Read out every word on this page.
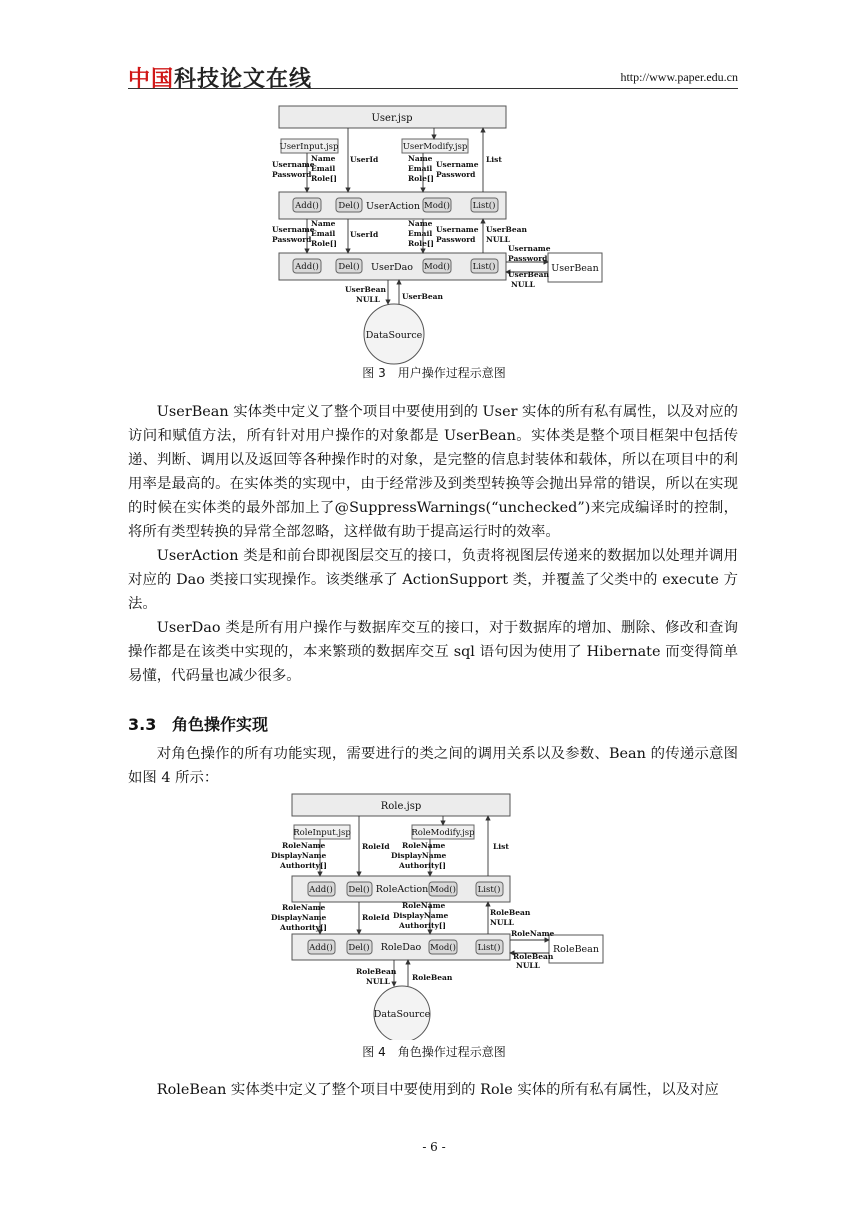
中国科技论文在线	http://www.paper.edu.cn
User.jsp
UserInput.jsp	UserModify.jsp
UserAction
Add() Del()	Mod()	List()
UserDao
Add() Del()	Mod()	List()	UserBean
DataSource
Username
Password
Name
Email
Role[]
UserId	Name
Email
Role[]
Username
Password
List
Username
Password
Name
Email
Role[]
UserId
Name
Email
Role[]
Username
Password
UserBean
NULL
Username
Password
UserBean
NULL
UserBean
NULL	UserBean
图 3　用户操作过程示意图

UserBean 实体类中定义了整个项目中要使用到的 User 实体的所有私有属性，以及对应的访问和赋值方法，所有针对用户操作的对象都是 UserBean。实体类是整个项目框架中包括传递、判断、调用以及返回等各种操作时的对象，是完整的信息封装体和载体，所以在项目中的利用率是最高的。在实体类的实现中，由于经常涉及到类型转换等会抛出异常的错误，所以在实现的时候在实体类的最外部加上了@SuppressWarnings(“unchecked”)来完成编译时的控制，将所有类型转换的异常全部忽略，这样做有助于提高运行时的效率。

UserAction 类是和前台即视图层交互的接口，负责将视图层传递来的数据加以处理并调用对应的 Dao 类接口实现操作。该类继承了 ActionSupport 类，并覆盖了父类中的 execute 方法。

UserDao 类是所有用户操作与数据库交互的接口，对于数据库的增加、删除、修改和查询操作都是在该类中实现的，本来繁琐的数据库交互 sql 语句因为使用了 Hibernate 而变得简单易懂，代码量也减少很多。

3.3 角色操作实现

对角色操作的所有功能实现，需要进行的类之间的调用关系以及参数、Bean 的传递示意图如图 4 所示：

Role.jsp
RoleInput.jsp	RoleModify.jsp
RoleAction
Add() Del()	Mod()	List()
RoleDao
Add() Del()	Mod()	List()	RoleBean
DataSource
RoleName
DisplayName
Authority[]
RoleId RoleName
DisplayName
Authority[]
List
RoleName
DisplayName
Authority[]
RoleId
RoleName
DisplayName
Authority[]
RoleBean
NULL
RoleName
RoleBean
NULL
RoleBean
NULL	RoleBean
图 4　角色操作过程示意图

RoleBean 实体类中定义了整个项目中要使用到的 Role 实体的所有私有属性，以及对应

- 6 -
